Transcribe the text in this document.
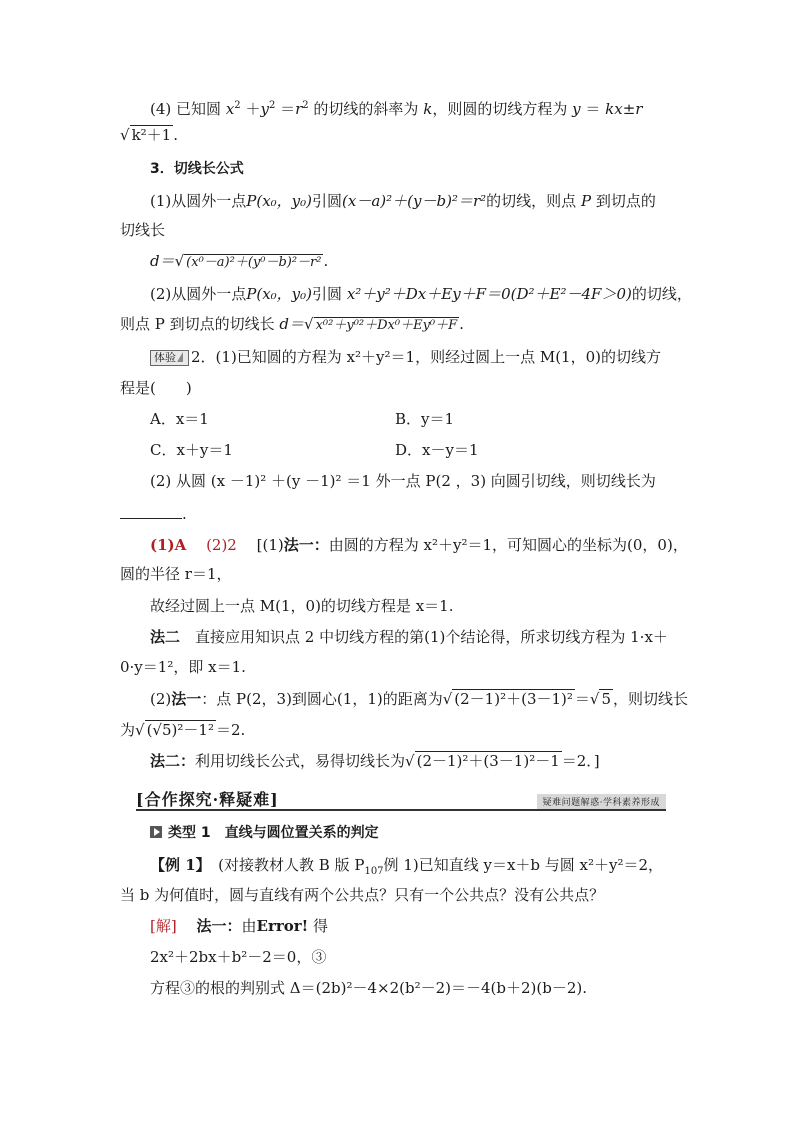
(4) 已知圆 $x^2 +y^2 =r^2$ 的切线的斜率为 k，则圆的切线方程为 y ＝ kx±r
√ k²＋1 .
3．切线长公式
(1)从圆外一点P(x₀，y₀)引圆(x－a)²＋(y－b)²＝r²的切线，则点 P 到切点的
切线长
d＝√ (x⁰－a)²＋(y⁰－b)²－r² .
(2)从圆外一点P(x₀，y₀)引圆 x²＋y²＋Dx＋Ey＋F＝0(D²＋E²－4F＞0)的切线，
则点 P 到切点的切线长 d＝√ x⁰²＋y⁰²＋Dx⁰＋Ey⁰＋F .
体验 2．(1)已知圆的方程为 x²＋y²＝1，则经过圆上一点 M(1，0)的切线方
程是(　　)
A．x＝1	B．y＝1
C．x＋y＝1	D．x－y＝1
(2) 从圆 (x －1)² ＋(y －1)² ＝1 外一点 P(2 ，3) 向圆引切线，则切线长为
.
(1)A　 (2)2　 [(1)法一：由圆的方程为 x²＋y²＝1，可知圆心的坐标为(0，0)，
圆的半径 r＝1，
故经过圆上一点 M(1，0)的切线方程是 x＝1.
法二　 直接应用知识点 2 中切线方程的第(1)个结论得，所求切线方程为 1·x＋
0·y＝1²，即 x＝1.
(2)法一：点 P(2，3)到圆心(1，1)的距离为√ (2－1)²＋(3－1)² ＝√ 5 ，则切线长
为√ (√5)²－1² ＝2.
法二：利用切线长公式，易得切线长为√ (2－1)²＋(3－1)²－1 ＝2．]
[合作探究·释疑难]	疑难问题解惑·学科素养形成
类型 1　直线与圆位置关系的判定
【例 1】　(对接教材人教 B 版 $P_{107}$例 1)已知直线 y＝x＋b 与圆 x²＋y²＝2，
当 b 为何值时，圆与直线有两个公共点？只有一个公共点？没有公共点？
[解]　 法一：由Error! 得
2x²＋2bx＋b²－2＝0，③
方程③的根的判别式 Δ＝(2b)²－4×2(b²－2)＝－4(b＋2)(b－2).
